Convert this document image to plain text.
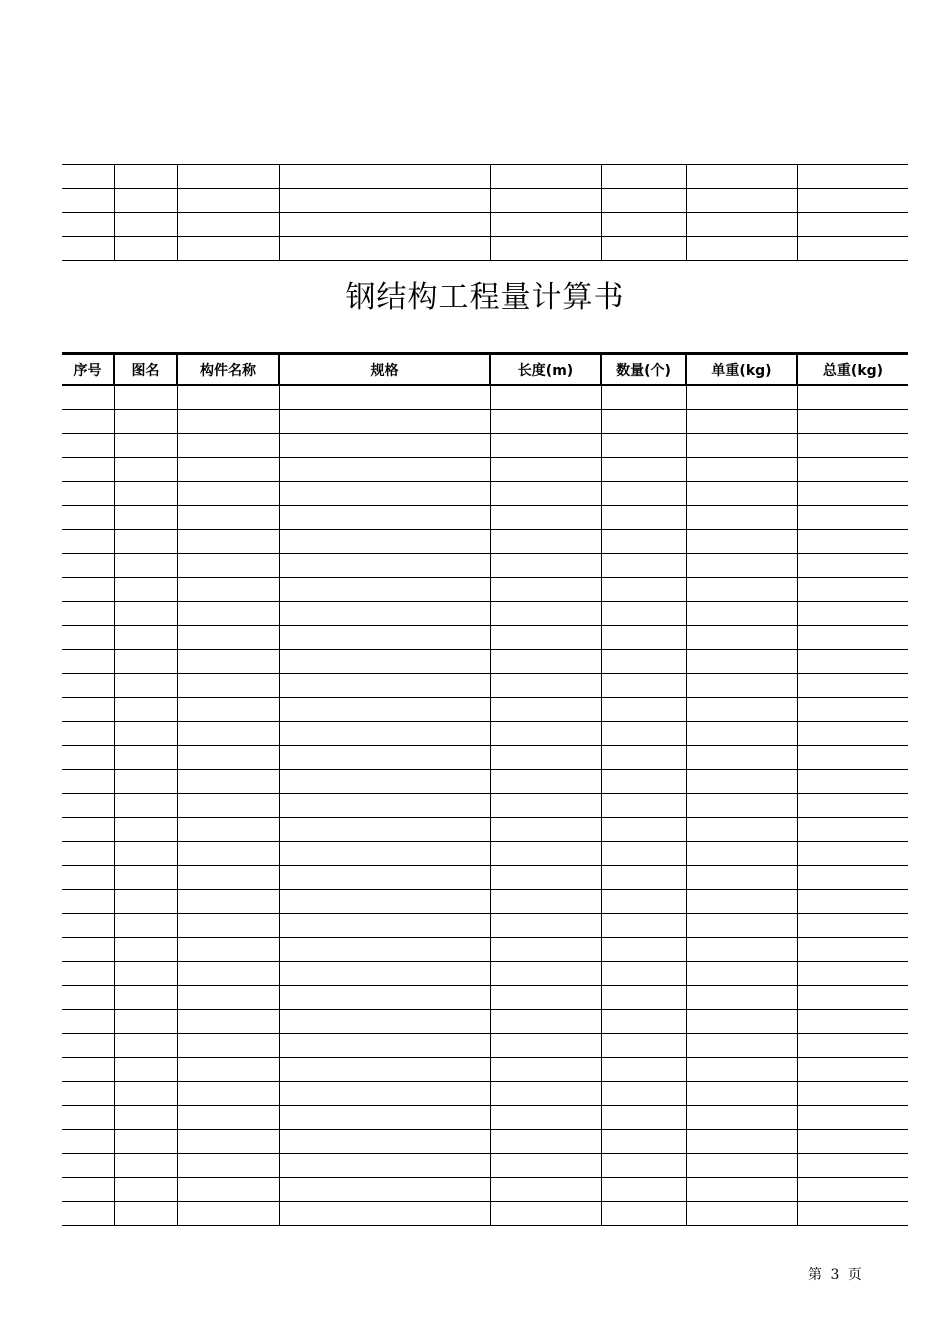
钢结构工程量计算书
序号	图名	构件名称	规格	长度(m)	数量(个)	单重(kg)	总重(kg)

第 3 页
